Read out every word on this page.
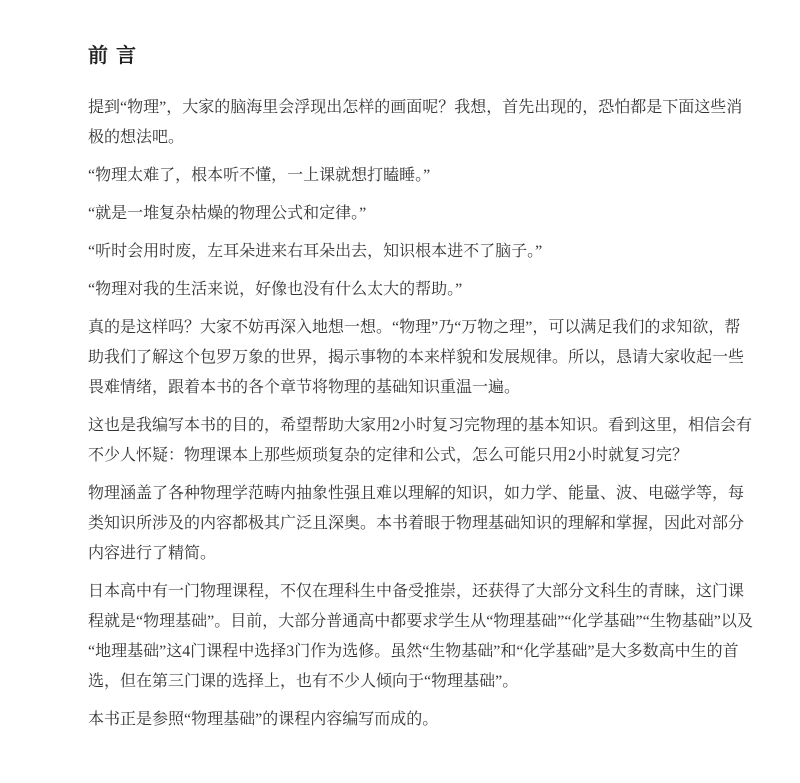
前言

提到“物理”，大家的脑海里会浮现出怎样的画面呢？我想，首先出现的，恐怕都是下面这些消极的想法吧。

“物理太难了，根本听不懂，一上课就想打瞌睡。”

“就是一堆复杂枯燥的物理公式和定律。”

“听时会用时废，左耳朵进来右耳朵出去，知识根本进不了脑子。”

“物理对我的生活来说，好像也没有什么太大的帮助。”

真的是这样吗？大家不妨再深入地想一想。“物理”乃“万物之理”，可以满足我们的求知欲，帮助我们了解这个包罗万象的世界，揭示事物的本来样貌和发展规律。所以，恳请大家收起一些畏难情绪，跟着本书的各个章节将物理的基础知识重温一遍。

这也是我编写本书的目的，希望帮助大家用2小时复习完物理的基本知识。看到这里，相信会有不少人怀疑：物理课本上那些烦琐复杂的定律和公式，怎么可能只用2小时就复习完？

物理涵盖了各种物理学范畴内抽象性强且难以理解的知识，如力学、能量、波、电磁学等，每类知识所涉及的内容都极其广泛且深奥。本书着眼于物理基础知识的理解和掌握，因此对部分内容进行了精简。

日本高中有一门物理课程，不仅在理科生中备受推崇，还获得了大部分文科生的青睐，这门课程就是“物理基础”。目前，大部分普通高中都要求学生从“物理基础”“化学基础”“生物基础”以及“地理基础”这4门课程中选择3门作为选修。虽然“生物基础”和“化学基础”是大多数高中生的首选，但在第三门课的选择上，也有不少人倾向于“物理基础”。

本书正是参照“物理基础”的课程内容编写而成的。
